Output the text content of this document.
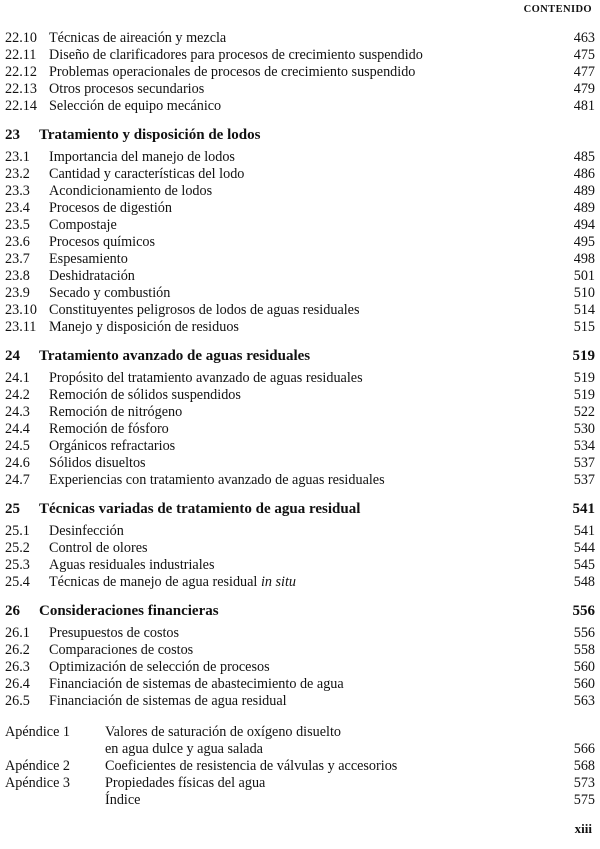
CONTENIDO
22.10 Técnicas de aireación y mezcla	463
22.11 Diseño de clarificadores para procesos de crecimiento suspendido	475
22.12 Problemas operacionales de procesos de crecimiento suspendido	477
22.13 Otros procesos secundarios	479
22.14 Selección de equipo mecánico	481
23 Tratamiento y disposición de lodos
23.1 Importancia del manejo de lodos	485
23.2 Cantidad y características del lodo	486
23.3 Acondicionamiento de lodos	489
23.4 Procesos de digestión	489
23.5 Compostaje	494
23.6 Procesos químicos	495
23.7 Espesamiento	498
23.8 Deshidratación	501
23.9 Secado y combustión	510
23.10 Constituyentes peligrosos de lodos de aguas residuales	514
23.11 Manejo y disposición de residuos	515
24 Tratamiento avanzado de aguas residuales	519
24.1 Propósito del tratamiento avanzado de aguas residuales	519
24.2 Remoción de sólidos suspendidos	519
24.3 Remoción de nitrógeno	522
24.4 Remoción de fósforo	530
24.5 Orgánicos refractarios	534
24.6 Sólidos disueltos	537
24.7 Experiencias con tratamiento avanzado de aguas residuales	537
25 Técnicas variadas de tratamiento de agua residual	541
25.1 Desinfección	541
25.2 Control de olores	544
25.3 Aguas residuales industriales	545
25.4 Técnicas de manejo de agua residual in situ	548
26 Consideraciones financieras	556
26.1 Presupuestos de costos	556
26.2 Comparaciones de costos	558
26.3 Optimización de selección de procesos	560
26.4 Financiación de sistemas de abastecimiento de agua	560
26.5 Financiación de sistemas de agua residual	563
Apéndice 1 Valores de saturación de oxígeno disuelto
en agua dulce y agua salada	566
Apéndice 2 Coeficientes de resistencia de válvulas y accesorios	568
Apéndice 3 Propiedades físicas del agua	573
Índice	575
xiii
